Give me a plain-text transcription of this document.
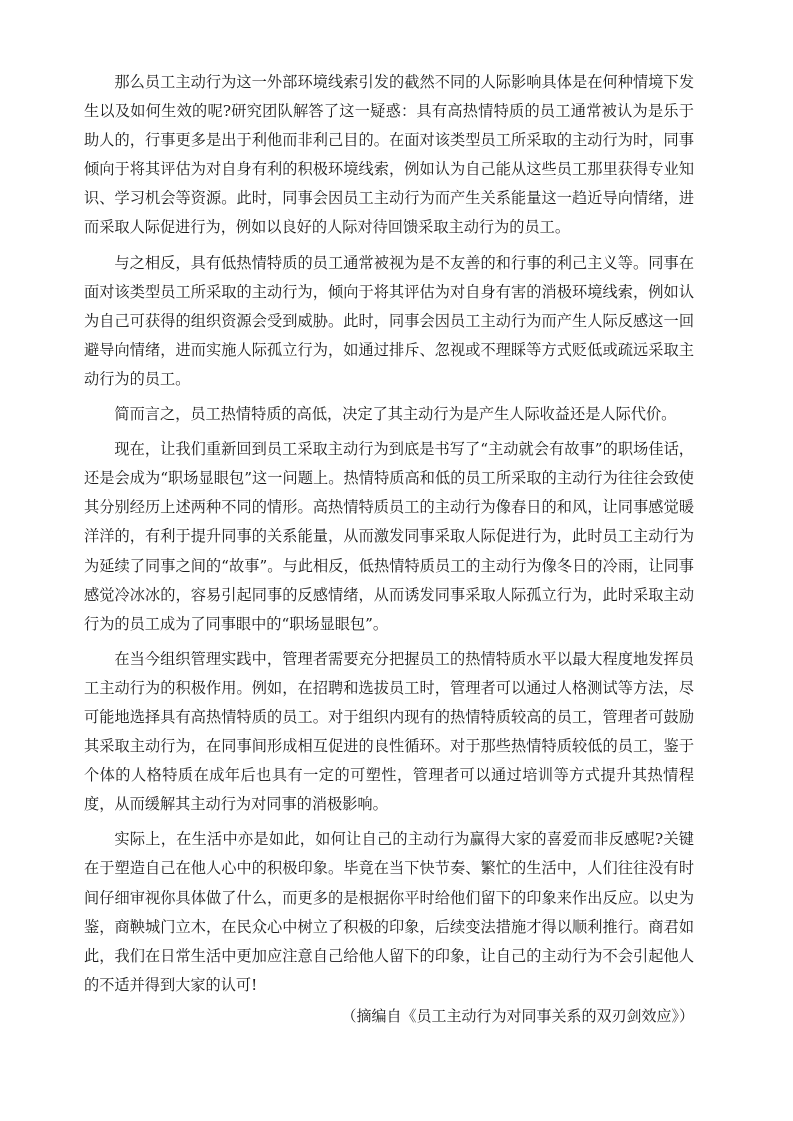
那么员工主动行为这一外部环境线索引发的截然不同的人际影响具体是在何种情境下发生以及如何生效的呢?研究团队解答了这一疑惑：具有高热情特质的员工通常被认为是乐于助人的，行事更多是出于利他而非利己目的。在面对该类型员工所采取的主动行为时，同事倾向于将其评估为对自身有利的积极环境线索，例如认为自己能从这些员工那里获得专业知识、学习机会等资源。此时，同事会因员工主动行为而产生关系能量这一趋近导向情绪，进而采取人际促进行为，例如以良好的人际对待回馈采取主动行为的员工。

与之相反，具有低热情特质的员工通常被视为是不友善的和行事的利己主义等。同事在面对该类型员工所采取的主动行为，倾向于将其评估为对自身有害的消极环境线索，例如认为自己可获得的组织资源会受到威胁。此时，同事会因员工主动行为而产生人际反感这一回避导向情绪，进而实施人际孤立行为，如通过排斥、忽视或不理睬等方式贬低或疏远采取主动行为的员工。

简而言之，员工热情特质的高低，决定了其主动行为是产生人际收益还是人际代价。

现在，让我们重新回到员工采取主动行为到底是书写了“主动就会有故事”的职场佳话，还是会成为“职场显眼包”这一问题上。热情特质高和低的员工所采取的主动行为往往会致使其分别经历上述两种不同的情形。高热情特质员工的主动行为像春日的和风，让同事感觉暖洋洋的，有利于提升同事的关系能量，从而激发同事采取人际促进行为，此时员工主动行为为延续了同事之间的“故事”。与此相反，低热情特质员工的主动行为像冬日的冷雨，让同事感觉冷冰冰的，容易引起同事的反感情绪，从而诱发同事采取人际孤立行为，此时采取主动行为的员工成为了同事眼中的“职场显眼包”。

在当今组织管理实践中，管理者需要充分把握员工的热情特质水平以最大程度地发挥员工主动行为的积极作用。例如，在招聘和选拔员工时，管理者可以通过人格测试等方法，尽可能地选择具有高热情特质的员工。对于组织内现有的热情特质较高的员工，管理者可鼓励其采取主动行为，在同事间形成相互促进的良性循环。对于那些热情特质较低的员工，鉴于个体的人格特质在成年后也具有一定的可塑性，管理者可以通过培训等方式提升其热情程度，从而缓解其主动行为对同事的消极影响。

实际上，在生活中亦是如此，如何让自己的主动行为赢得大家的喜爱而非反感呢?关键在于塑造自己在他人心中的积极印象。毕竟在当下快节奏、繁忙的生活中，人们往往没有时间仔细审视你具体做了什么，而更多的是根据你平时给他们留下的印象来作出反应。以史为鉴，商鞅城门立木，在民众心中树立了积极的印象，后续变法措施才得以顺利推行。商君如此，我们在日常生活中更加应注意自己给他人留下的印象，让自己的主动行为不会引起他人的不适并得到大家的认可!

（摘编自《员工主动行为对同事关系的双刃剑效应》）
